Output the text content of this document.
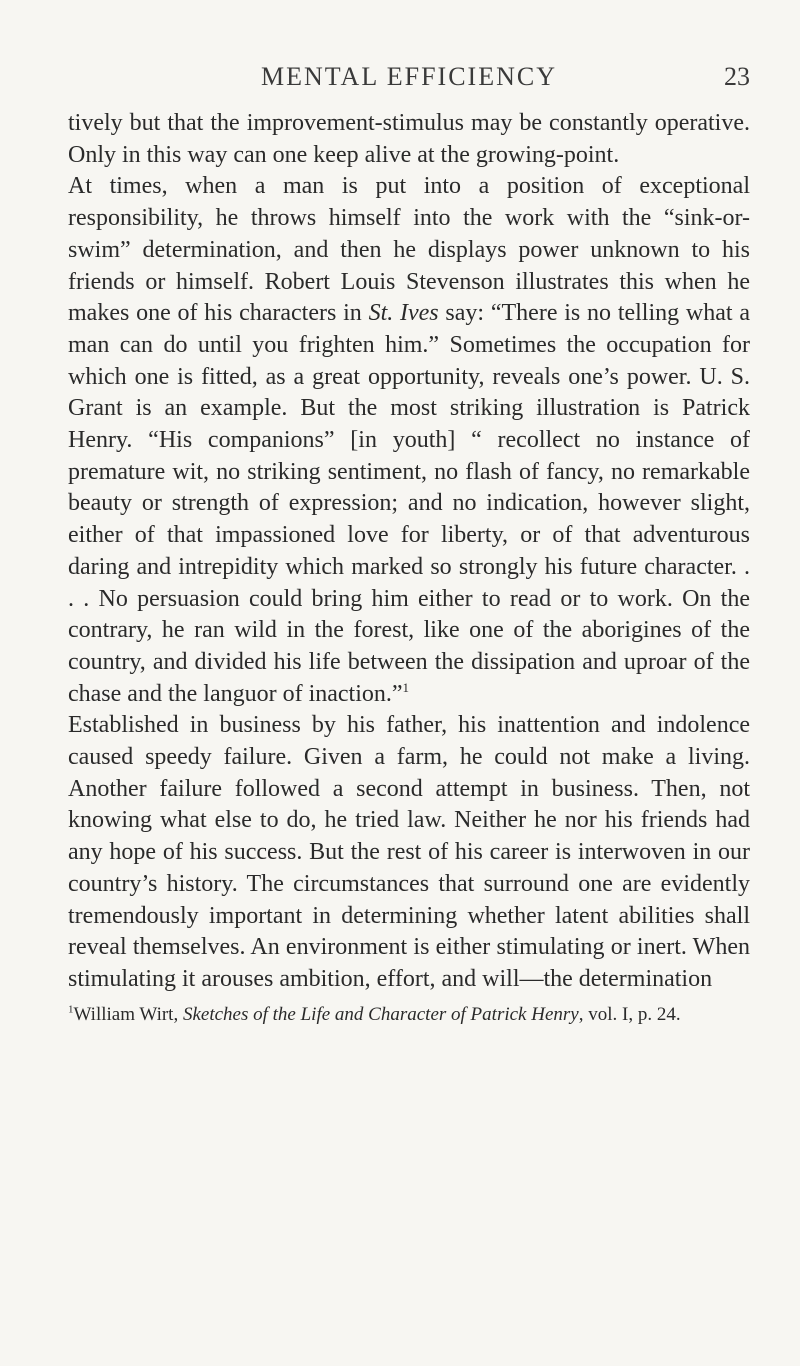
MENTAL EFFICIENCY	23

tively but that the improvement-stimulus may be constantly operative. Only in this way can one keep alive at the growing-point.

At times, when a man is put into a position of exceptional responsibility, he throws himself into the work with the “sink-or-swim” determination, and then he displays power unknown to his friends or himself. Robert Louis Stevenson illustrates this when he makes one of his characters in St. Ives say: “There is no telling what a man can do until you frighten him.” Sometimes the occupation for which one is fitted, as a great opportunity, reveals one’s power. U. S. Grant is an example. But the most striking illustration is Patrick Henry. “His companions” [in youth] “ recollect no instance of premature wit, no striking sentiment, no flash of fancy, no remarkable beauty or strength of expression; and no indication, however slight, either of that impassioned love for liberty, or of that adventurous daring and intrepidity which marked so strongly his future character. . . . No persuasion could bring him either to read or to work. On the contrary, he ran wild in the forest, like one of the aborigines of the country, and divided his life between the dissipation and uproar of the chase and the languor of inaction.”$^1$

Established in business by his father, his inattention and indolence caused speedy failure. Given a farm, he could not make a living. Another failure followed a second attempt in business. Then, not knowing what else to do, he tried law. Neither he nor his friends had any hope of his success. But the rest of his career is interwoven in our country’s history. The circumstances that surround one are evidently tremendously important in determining whether latent abilities shall reveal themselves. An environment is either stimulating or inert. When stimulating it arouses ambition, effort, and will—the determination

$^1$William Wirt, Sketches of the Life and Character of Patrick Henry, vol. I, p. 24.
